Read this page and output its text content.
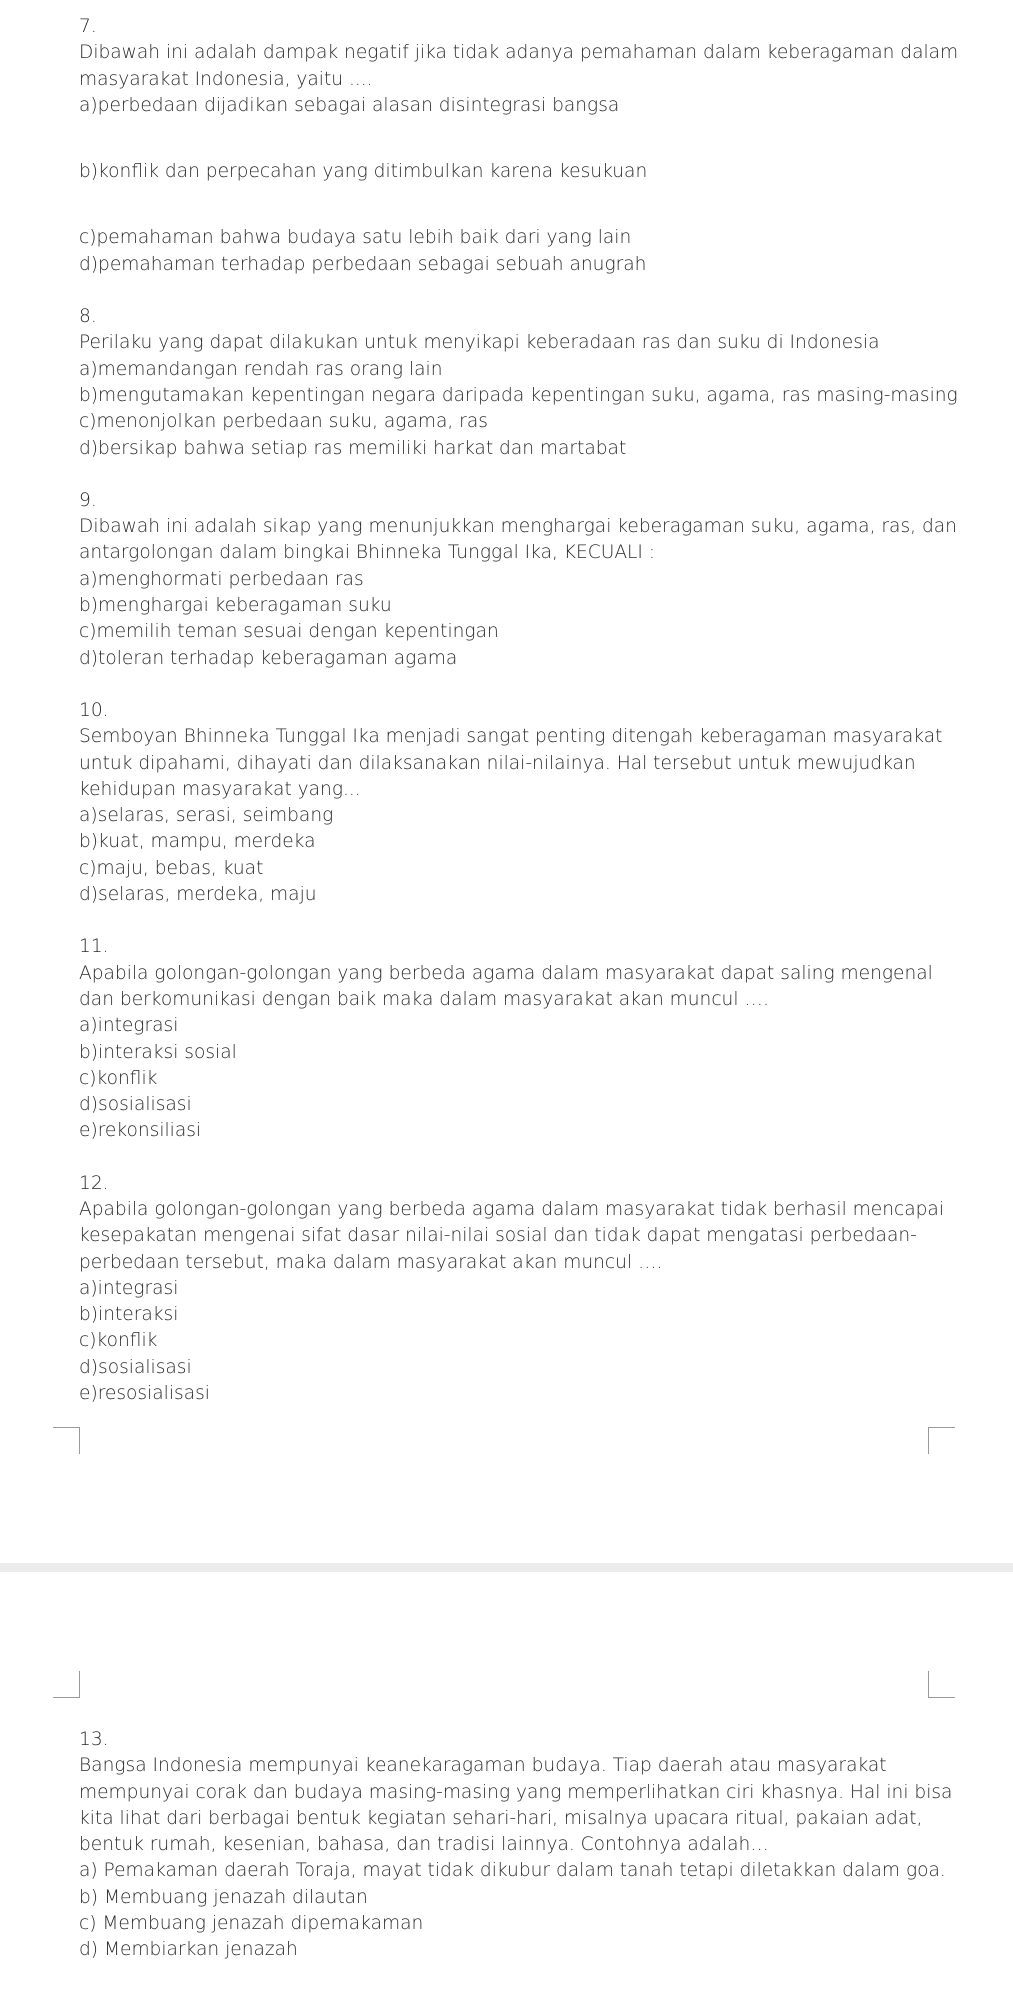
7.
Dibawah ini adalah dampak negatif jika tidak adanya pemahaman dalam keberagaman dalam
masyarakat Indonesia, yaitu ....
a)perbedaan dijadikan sebagai alasan disintegrasi bangsa
b)konflik dan perpecahan yang ditimbulkan karena kesukuan
c)pemahaman bahwa budaya satu lebih baik dari yang lain
d)pemahaman terhadap perbedaan sebagai sebuah anugrah
8.
Perilaku yang dapat dilakukan untuk menyikapi keberadaan ras dan suku di Indonesia
a)memandangan rendah ras orang lain
b)mengutamakan kepentingan negara daripada kepentingan suku, agama, ras masing-masing
c)menonjolkan perbedaan suku, agama, ras
d)bersikap bahwa setiap ras memiliki harkat dan martabat
9.
Dibawah ini adalah sikap yang menunjukkan menghargai keberagaman suku, agama, ras, dan
antargolongan dalam bingkai Bhinneka Tunggal Ika, KECUALI :
a)menghormati perbedaan ras
b)menghargai keberagaman suku
c)memilih teman sesuai dengan kepentingan
d)toleran terhadap keberagaman agama
10.
Semboyan Bhinneka Tunggal Ika menjadi sangat penting ditengah keberagaman masyarakat
untuk dipahami, dihayati dan dilaksanakan nilai-nilainya. Hal tersebut untuk mewujudkan
kehidupan masyarakat yang...
a)selaras, serasi, seimbang
b)kuat, mampu, merdeka
c)maju, bebas, kuat
d)selaras, merdeka, maju
11.
Apabila golongan-golongan yang berbeda agama dalam masyarakat dapat saling mengenal
dan berkomunikasi dengan baik maka dalam masyarakat akan muncul ….
a)integrasi
b)interaksi sosial
c)konflik
d)sosialisasi
e)rekonsiliasi
12.
Apabila golongan-golongan yang berbeda agama dalam masyarakat tidak berhasil mencapai
kesepakatan mengenai sifat dasar nilai-nilai sosial dan tidak dapat mengatasi perbedaan-
perbedaan tersebut, maka dalam masyarakat akan muncul ….
a)integrasi
b)interaksi
c)konflik
d)sosialisasi
e)resosialisasi
13.
Bangsa Indonesia mempunyai keanekaragaman budaya. Tiap daerah atau masyarakat
mempunyai corak dan budaya masing-masing yang memperlihatkan ciri khasnya. Hal ini bisa
kita lihat dari berbagai bentuk kegiatan sehari-hari, misalnya upacara ritual, pakaian adat,
bentuk rumah, kesenian, bahasa, dan tradisi lainnya. Contohnya adalah…
a) Pemakaman daerah Toraja, mayat tidak dikubur dalam tanah tetapi diletakkan dalam goa.
b) Membuang jenazah dilautan
c) Membuang jenazah dipemakaman
d) Membiarkan jenazah
